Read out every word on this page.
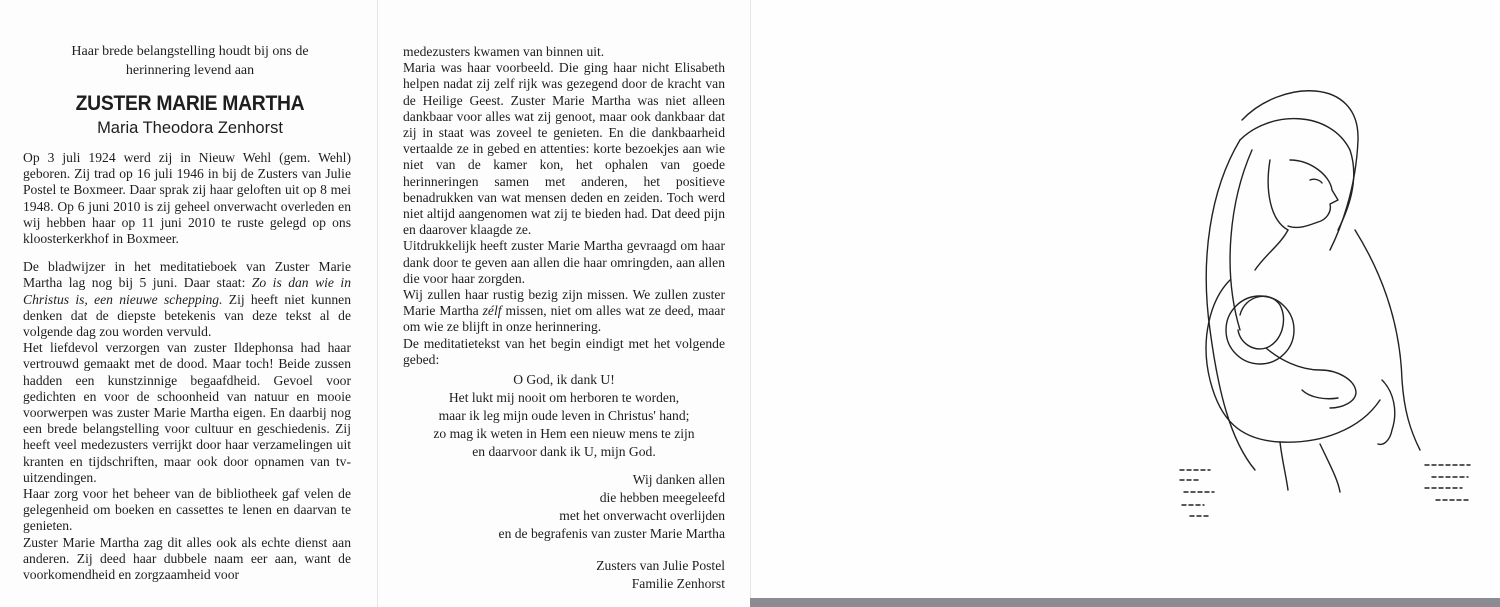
Haar brede belangstelling houdt bij ons de
herinnering levend aan
ZUSTER MARIE MARTHA
Maria Theodora Zenhorst

Op 3 juli 1924 werd zij in Nieuw Wehl (gem. Wehl) geboren. Zij trad op 16 juli 1946 in bij de Zusters van Julie Postel te Boxmeer. Daar sprak zij haar geloften uit op 8 mei 1948. Op 6 juni 2010 is zij geheel onverwacht overleden en wij hebben haar op 11 juni 2010 te ruste gelegd op ons kloosterkerkhof in Boxmeer.

De bladwijzer in het meditatieboek van Zuster Marie Martha lag nog bij 5 juni. Daar staat: Zo is dan wie in Christus is, een nieuwe schepping. Zij heeft niet kunnen denken dat de diepste betekenis van deze tekst al de volgende dag zou worden vervuld.

Het liefdevol verzorgen van zuster Ildephonsa had haar vertrouwd gemaakt met de dood. Maar toch! Beide zussen hadden een kunstzinnige begaafdheid. Gevoel voor gedichten en voor de schoonheid van natuur en mooie voorwerpen was zuster Marie Martha eigen. En daarbij nog een brede belangstelling voor cultuur en geschiedenis. Zij heeft veel medezusters verrijkt door haar verzamelingen uit kranten en tijdschriften, maar ook door opnamen van tv-uitzendingen.

Haar zorg voor het beheer van de bibliotheek gaf velen de gelegenheid om boeken en cassettes te lenen en daarvan te genieten.

Zuster Marie Martha zag dit alles ook als echte dienst aan anderen. Zij deed haar dubbele naam eer aan, want de voorkomendheid en zorgzaamheid voor

medezusters kwamen van binnen uit.

Maria was haar voorbeeld. Die ging haar nicht Elisabeth helpen nadat zij zelf rijk was gezegend door de kracht van de Heilige Geest. Zuster Marie Martha was niet alleen dankbaar voor alles wat zij genoot, maar ook dankbaar dat zij in staat was zoveel te genieten. En die dankbaarheid vertaalde ze in gebed en attenties: korte bezoekjes aan wie niet van de kamer kon, het ophalen van goede herinneringen samen met anderen, het positieve benadrukken van wat mensen deden en zeiden. Toch werd niet altijd aangenomen wat zij te bieden had. Dat deed pijn en daarover klaagde ze.

Uitdrukkelijk heeft zuster Marie Martha gevraagd om haar dank door te geven aan allen die haar omringden, aan allen die voor haar zorgden.

Wij zullen haar rustig bezig zijn missen. We zullen zuster Marie Martha zélf missen, niet om alles wat ze deed, maar om wie ze blijft in onze herinnering.

De meditatietekst van het begin eindigt met het volgende gebed:

O God, ik dank U!
Het lukt mij nooit om herboren te worden,
maar ik leg mijn oude leven in Christus' hand;
zo mag ik weten in Hem een nieuw mens te zijn
en daarvoor dank ik U, mijn God.
Wij danken allen
die hebben meegeleefd
met het onverwacht overlijden
en de begrafenis van zuster Marie Martha
Zusters van Julie Postel
Familie Zenhorst
